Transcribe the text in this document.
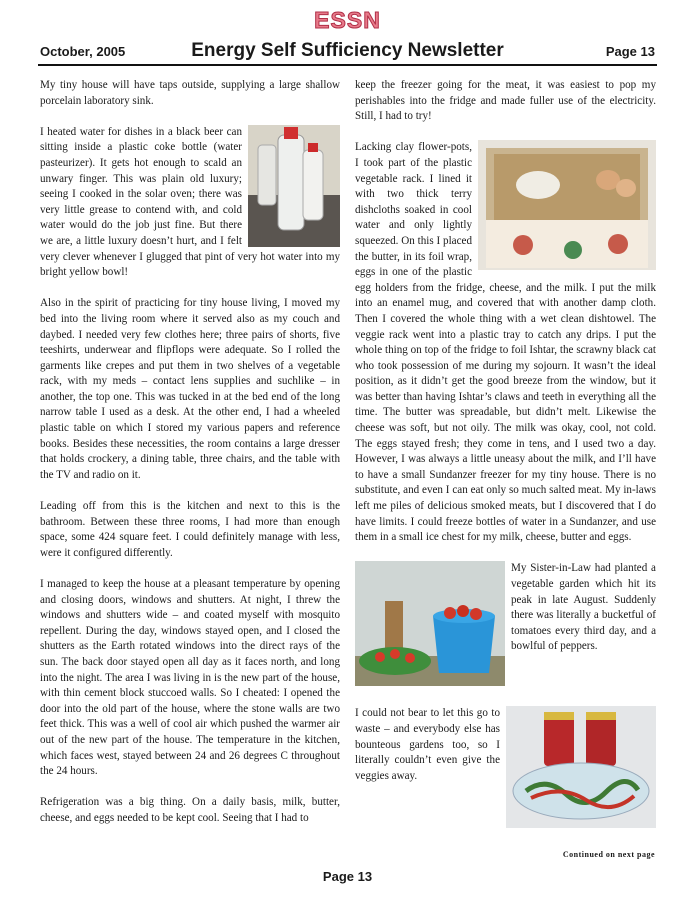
ESSN
October, 2005	Energy Self Sufficiency Newsletter	Page 13

My tiny house will have taps outside, supplying a large shallow porcelain laboratory sink.

I heated water for dishes in a black beer can sitting inside a plastic coke bottle (water pasteurizer). It gets hot enough to scald an unwary finger. This was plain old luxury; seeing I cooked in the solar oven; there was very little grease to contend with, and cold water would do the job just fine. But there we are, a little luxury doesn’t hurt, and I felt very clever whenever I glugged that pint of very hot water into my bright yellow bowl!

Also in the spirit of practicing for tiny house living, I moved my bed into the living room where it served also as my couch and daybed. I needed very few clothes here; three pairs of shorts, five teeshirts, underwear and flipflops were adequate. So I rolled the garments like crepes and put them in two shelves of a vegetable rack, with my meds – contact lens supplies and suchlike – in another, the top one. This was tucked in at the bed end of the long narrow table I used as a desk. At the other end, I had a wheeled plastic table on which I stored my various papers and reference books. Besides these necessities, the room contains a large dresser that holds crockery, a dining table, three chairs, and the table with the TV and radio on it.

Leading off from this is the kitchen and next to this is the bathroom. Between these three rooms, I had more than enough space, some 424 square feet. I could definitely manage with less, were it configured differently.

I managed to keep the house at a pleasant temperature by opening and closing doors, windows and shutters. At night, I threw the windows and shutters wide – and coated myself with mosquito repellent. During the day, windows stayed open, and I closed the shutters as the Earth rotated windows into the direct rays of the sun. The back door stayed open all day as it faces north, and long into the night. The area I was living in is the new part of the house, with thin cement block stuccoed walls. So I cheated: I opened the door into the old part of the house, where the stone walls are two feet thick. This was a well of cool air which pushed the warmer air out of the new part of the house. The temperature in the kitchen, which faces west, stayed between 24 and 26 degrees C throughout the 24 hours.

Refrigeration was a big thing. On a daily basis, milk, butter, cheese, and eggs needed to be kept cool. Seeing that I had to

keep the freezer going for the meat, it was easiest to pop my perishables into the fridge and made fuller use of the electricity. Still, I had to try!

Lacking clay flower-pots, I took part of the plastic vegetable rack. I lined it with two thick terry dishcloths soaked in cool water and only lightly squeezed. On this I placed the butter, in its foil wrap, eggs in one of the plastic egg holders from the fridge, cheese, and the milk. I put the milk into an enamel mug, and covered that with another damp cloth. Then I covered the whole thing with a wet clean dishtowel. The veggie rack went into a plastic tray to catch any drips. I put the whole thing on top of the fridge to foil Ishtar, the scrawny black cat who took possession of me during my sojourn. It wasn’t the ideal position, as it didn’t get the good breeze from the window, but it was better than having Ishtar’s claws and teeth in everything all the time. The butter was spreadable, but didn’t melt. Likewise the cheese was soft, but not oily. The milk was okay, cool, not cold. The eggs stayed fresh; they come in tens, and I used two a day. However, I was always a little uneasy about the milk, and I’ll have to have a small Sundanzer freezer for my tiny house. There is no substitute, and even I can eat only so much salted meat. My in-laws left me piles of delicious smoked meats, but I discovered that I do have limits. I could freeze bottles of water in a Sundanzer, and use them in a small ice chest for my milk, cheese, butter and eggs.

My Sister-in-Law had planted a vegetable garden which hit its peak in late August. Suddenly there was literally a bucketful of tomatoes every third day, and a bowlful of peppers.

I could not bear to let this go to waste – and everybody else has bounteous gardens too, so I literally couldn’t even give the veggies away.

Continued on next page
Page 13
